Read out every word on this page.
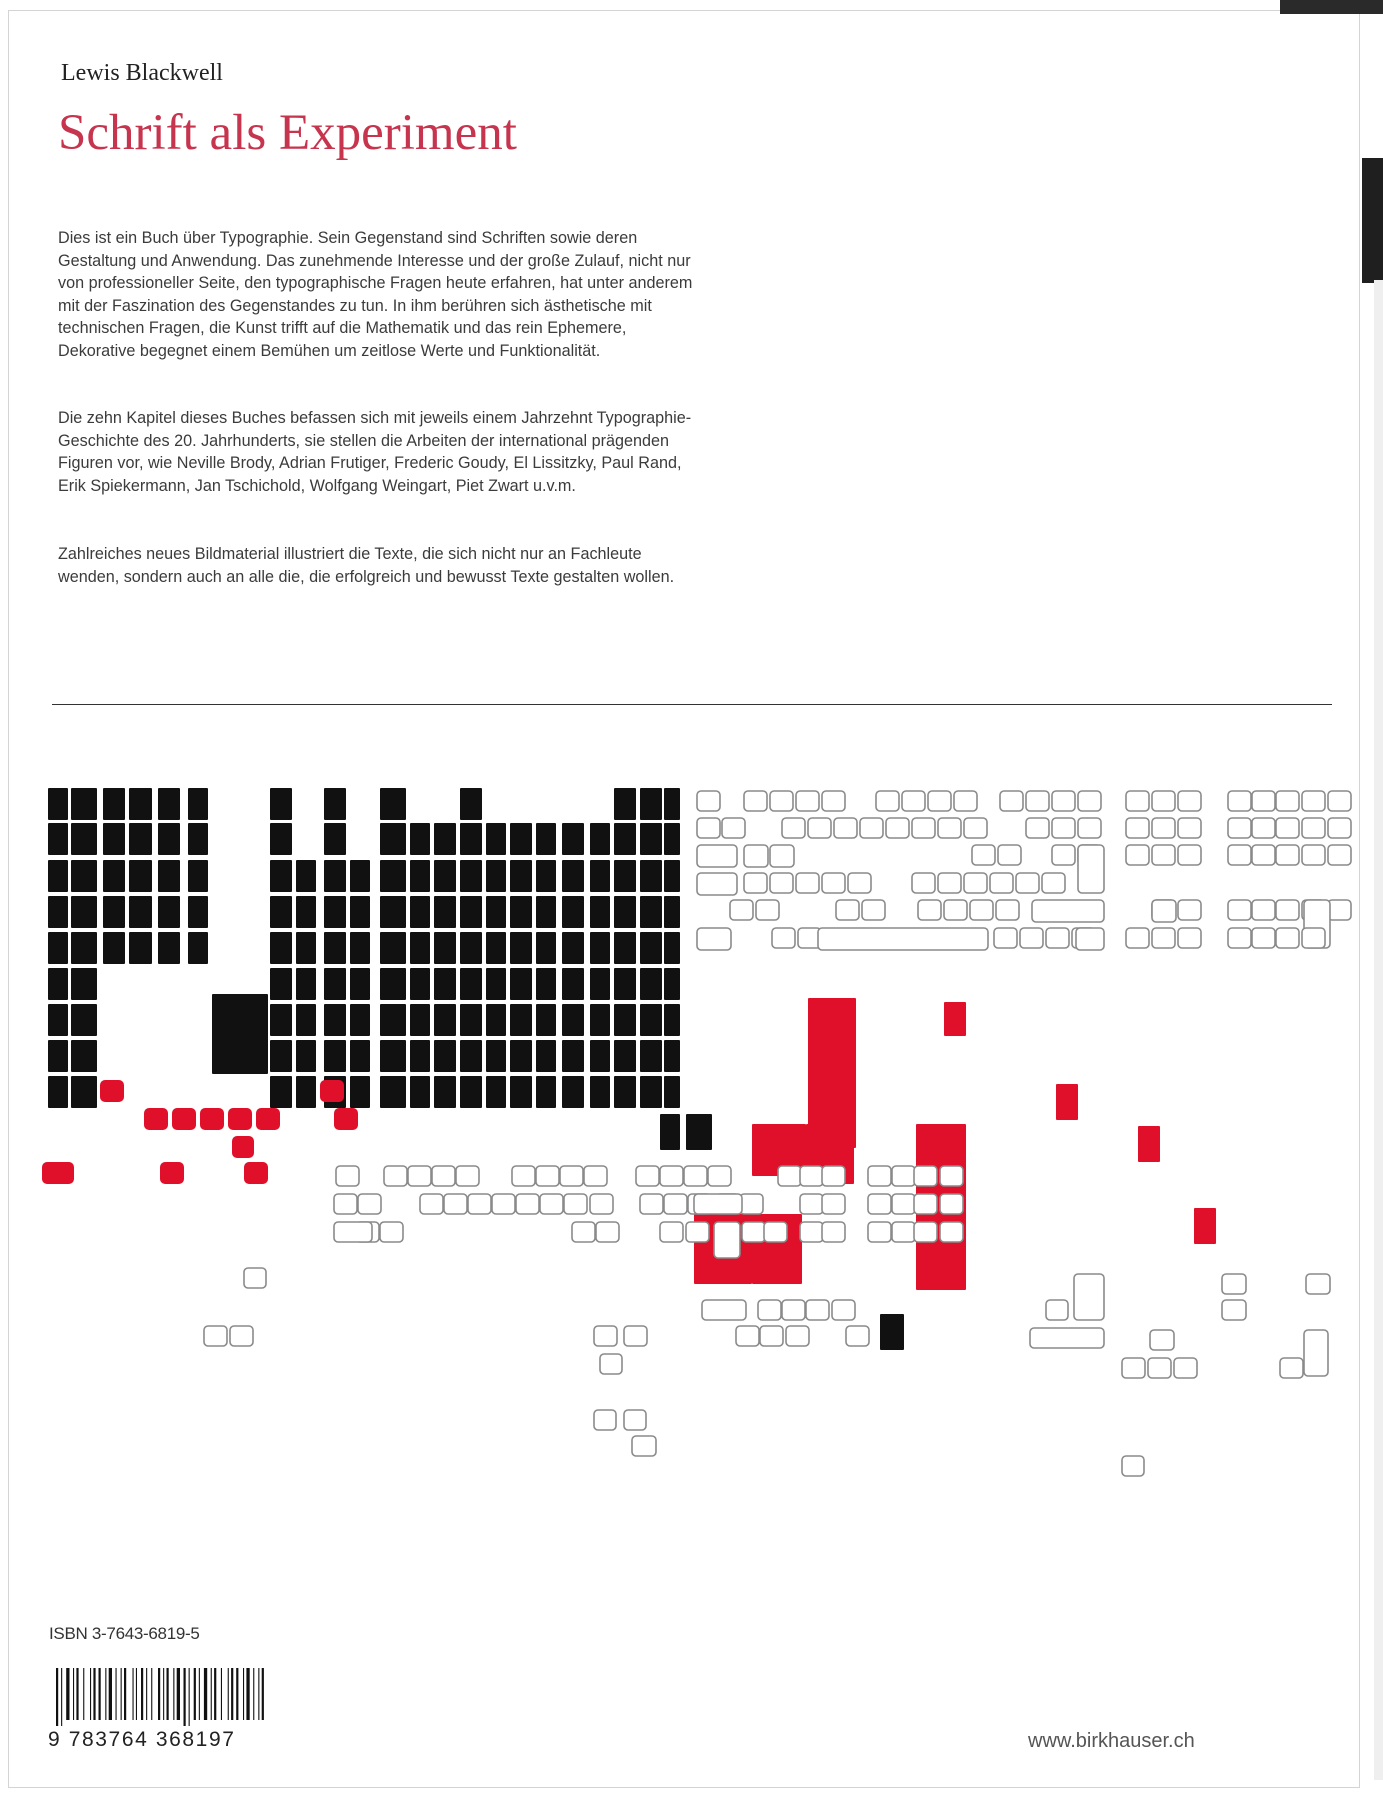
Lewis Blackwell
Schrift als Experiment

Dies ist ein Buch über Typographie. Sein Gegenstand sind Schriften sowie deren Gestaltung und Anwendung. Das zunehmende Interesse und der große Zulauf, nicht nur von professioneller Seite, den typographische Fragen heute erfahren, hat unter anderem mit der Faszination des Gegenstandes zu tun. In ihm berühren sich ästhetische mit technischen Fragen, die Kunst trifft auf die Mathematik und das rein Ephemere, Dekorative begegnet einem Bemühen um zeitlose Werte und Funktionalität.

Die zehn Kapitel dieses Buches befassen sich mit jeweils einem Jahrzehnt Typographie-Geschichte des 20. Jahrhunderts, sie stellen die Arbeiten der international prägenden Figuren vor, wie Neville Brody, Adrian Frutiger, Frederic Goudy, El Lissitzky, Paul Rand, Erik Spiekermann, Jan Tschichold, Wolfgang Weingart, Piet Zwart u.v.m.

Zahlreiches neues Bildmaterial illustriert die Texte, die sich nicht nur an Fachleute wenden, sondern auch an alle die, die erfolgreich und bewusst Texte gestalten wollen.

ISBN 3-7643-6819-5
9 783764 368197	www.birkhauser.ch
